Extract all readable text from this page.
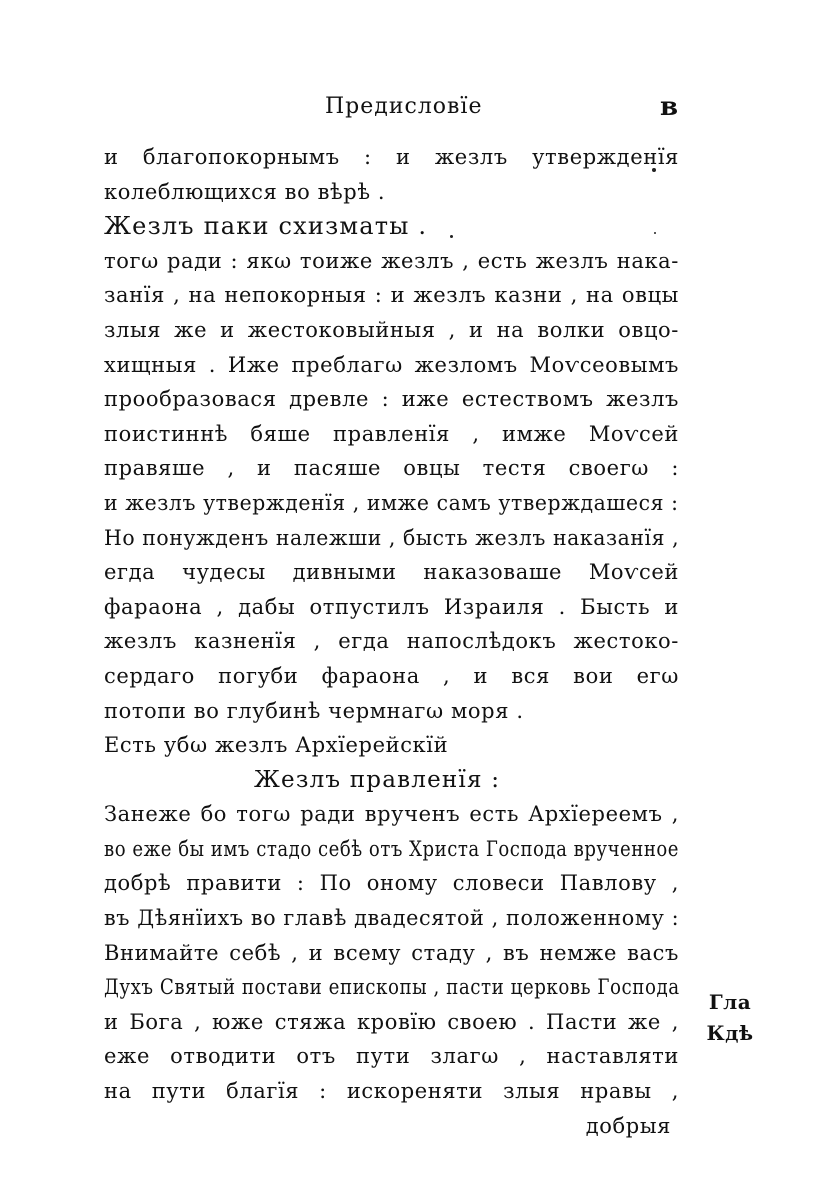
Предисловїе	в
и благопокорнымъ : и жезлъ утвержденїя
колеблющихся во вѣрѣ .
Жезлъ паки схизматы .
тогω ради : якω тоиже жезлъ , есть жезлъ нака-
занїя , на непокорныя : и жезлъ казни , на овцы
злыя же и жестоковыйныя , и на волки овцо-
хищныя . Иже преблагω жезломъ Моѵсеовымъ
прообразовася древле : иже естествомъ жезлъ
поистиннѣ бяше правленїя , имже Моѵсей
правяше , и пасяше овцы тестя своегω :
и жезлъ утвержденїя , имже самъ утверждашеся :
Но понужденъ належши , бысть жезлъ наказанїя ,
егда чудесы дивными наказоваше Моѵсей
фараона , дабы отпустилъ Израиля . Бысть и
жезлъ казненїя , егда напослѣдокъ жестоко-
сердаго погуби фараона , и вся вои егω
потопи во глубинѣ чермнагω моря .
Есть убω жезлъ Архїерейскїй
Жезлъ правленїя :
Занеже бо тогω ради врученъ есть Архїереемъ ,
во еже бы имъ стадо себѣ отъ Христа Господа врученное
добрѣ правити : По оному словеси Павлову ,
въ Дѣянїихъ во главѣ двадесятой , положенному :
Внимайте себѣ , и всему стаду , въ немже васъ
Духъ Святый постави епископы , пасти церковь Господа
и Бога , юже стяжа кровїю своею . Пасти же ,
еже отводити отъ пути злагω , наставляти
на пути благїя : искореняти злыя нравы ,
добрыя
Гла
Кдѣ
